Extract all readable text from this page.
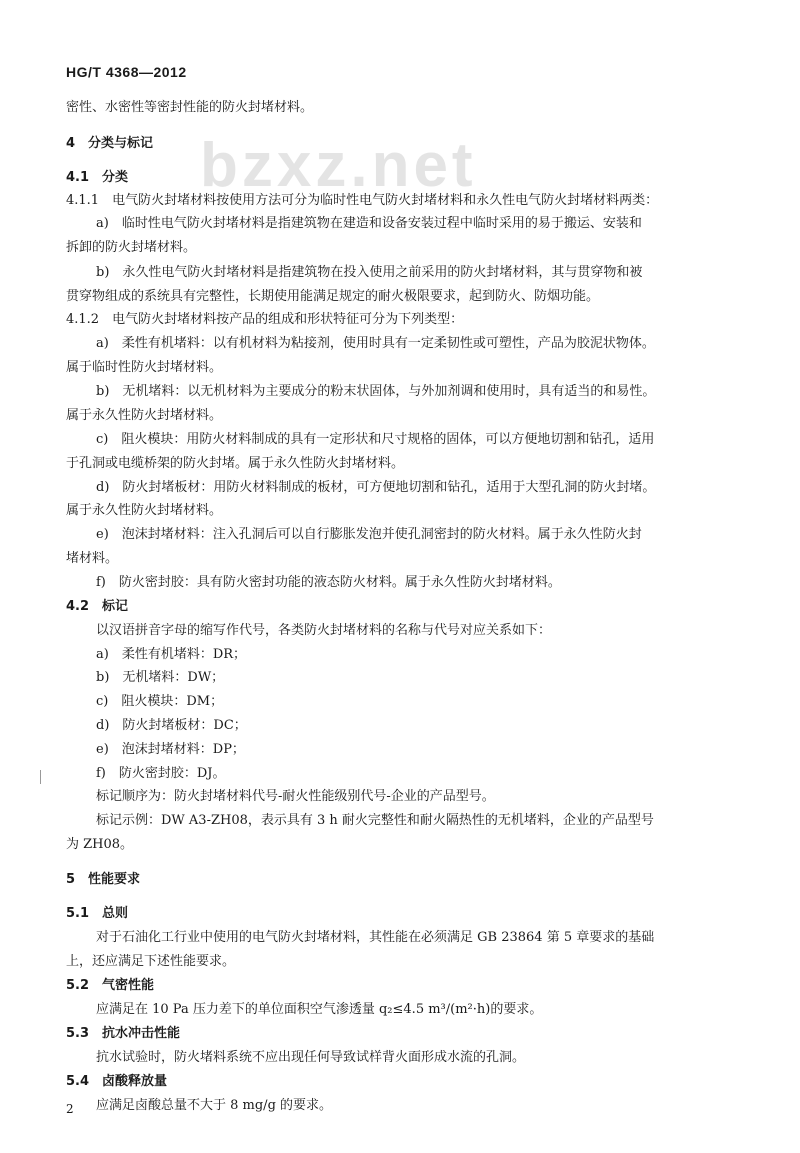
bzxz.net
HG/T 4368—2012
密性、水密性等密封性能的防火封堵材料。
4　分类与标记
4.1　分类
4.1.1　电气防火封堵材料按使用方法可分为临时性电气防火封堵材料和永久性电气防火封堵材料两类：
a)　临时性电气防火封堵材料是指建筑物在建造和设备安装过程中临时采用的易于搬运、安装和
拆卸的防火封堵材料。
b)　永久性电气防火封堵材料是指建筑物在投入使用之前采用的防火封堵材料，其与贯穿物和被
贯穿物组成的系统具有完整性，长期使用能满足规定的耐火极限要求，起到防火、防烟功能。
4.1.2　电气防火封堵材料按产品的组成和形状特征可分为下列类型：
a)　柔性有机堵料：以有机材料为粘接剂，使用时具有一定柔韧性或可塑性，产品为胶泥状物体。
属于临时性防火封堵材料。
b)　无机堵料：以无机材料为主要成分的粉末状固体，与外加剂调和使用时，具有适当的和易性。
属于永久性防火封堵材料。
c)　阻火模块：用防火材料制成的具有一定形状和尺寸规格的固体，可以方便地切割和钻孔，适用
于孔洞或电缆桥架的防火封堵。属于永久性防火封堵材料。
d)　防火封堵板材：用防火材料制成的板材，可方便地切割和钻孔，适用于大型孔洞的防火封堵。
属于永久性防火封堵材料。
e)　泡沫封堵材料：注入孔洞后可以自行膨胀发泡并使孔洞密封的防火材料。属于永久性防火封
堵材料。
f)　防火密封胶：具有防火密封功能的液态防火材料。属于永久性防火封堵材料。
4.2　标记
以汉语拼音字母的缩写作代号，各类防火封堵材料的名称与代号对应关系如下：
a)　柔性有机堵料：DR；
b)　无机堵料：DW；
c)　阻火模块：DM；
d)　防火封堵板材：DC；
e)　泡沫封堵材料：DP；
f)　防火密封胶：DJ。
标记顺序为：防火封堵材料代号-耐火性能级别代号-企业的产品型号。
标记示例：DW A3-ZH08，表示具有 3 h 耐火完整性和耐火隔热性的无机堵料，企业的产品型号
为 ZH08。
5　性能要求
5.1　总则
对于石油化工行业中使用的电气防火封堵材料，其性能在必须满足 GB 23864 第 5 章要求的基础
上，还应满足下述性能要求。
5.2　气密性能
应满足在 10 Pa 压力差下的单位面积空气渗透量 q₂≤4.5 m³/(m²·h)的要求。
5.3　抗水冲击性能
抗水试验时，防火堵料系统不应出现任何导致试样背火面形成水流的孔洞。
5.4　卤酸释放量
应满足卤酸总量不大于 8 mg/g 的要求。
2
